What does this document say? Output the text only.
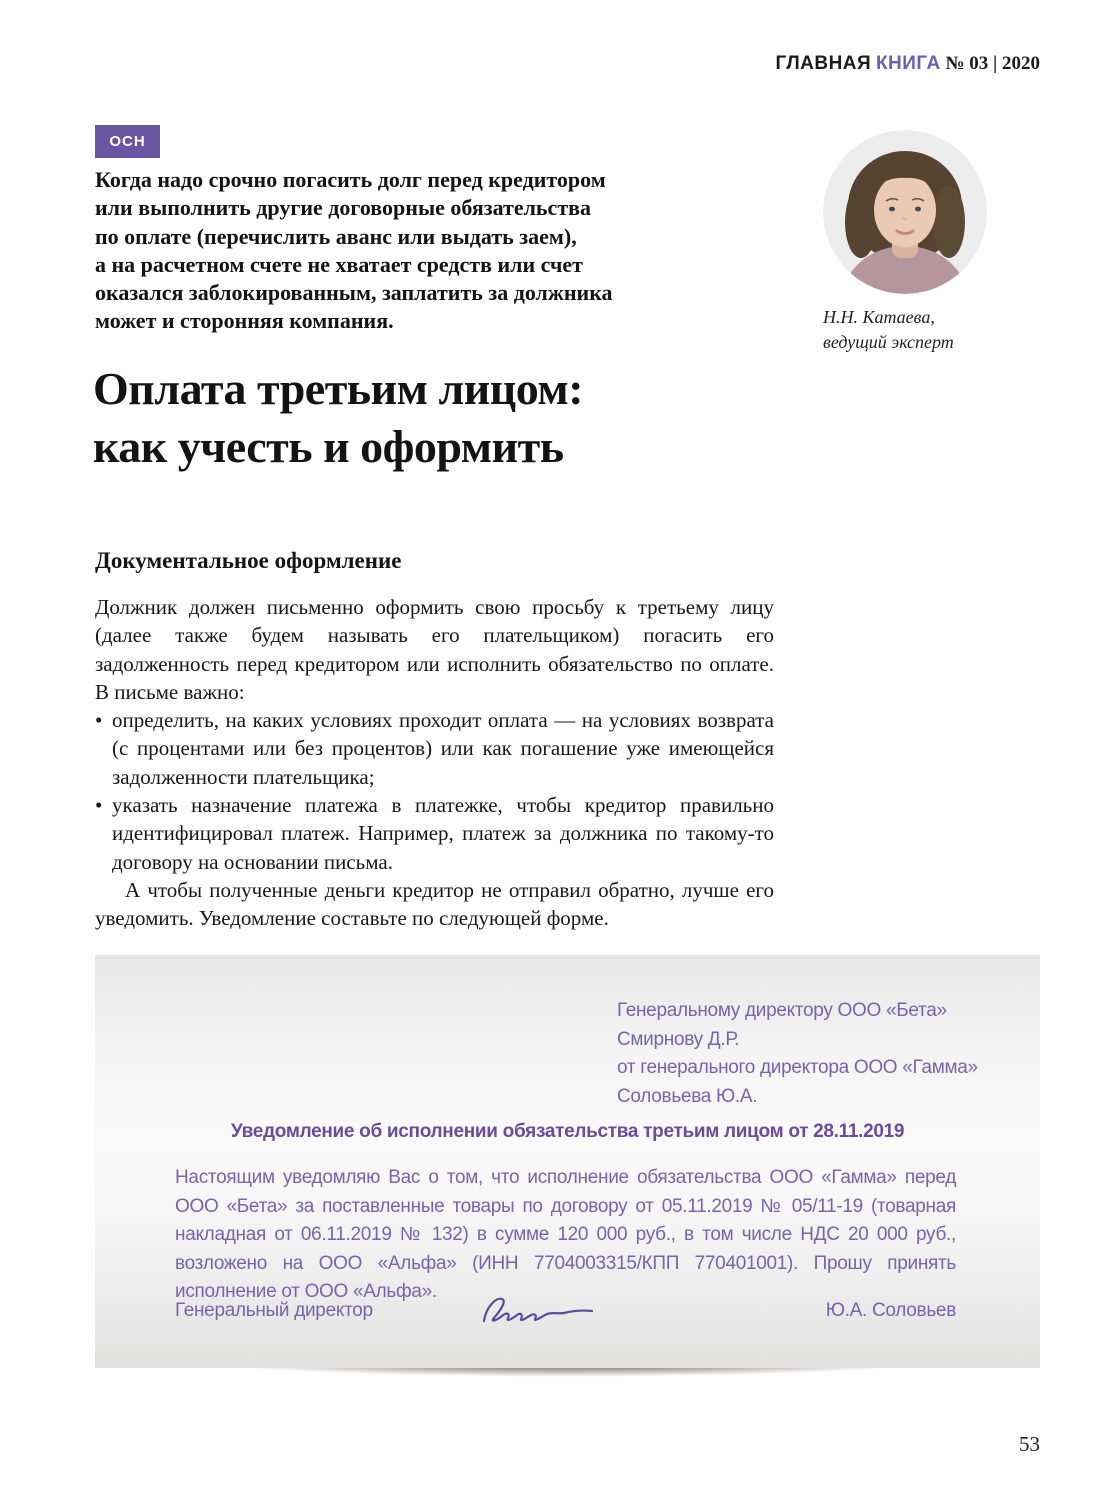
ГЛАВНАЯ КНИГА № 03 | 2020
ОСН
Когда надо срочно погасить долг перед кредитором
или выполнить другие договорные обязательства
по оплате (перечислить аванс или выдать заем),
а на расчетном счете не хватает средств или счет
оказался заблокированным, заплатить за должника
может и сторонняя компания.	Н.Н. Катаева,
ведущий эксперт
Оплата третьим лицом:
как учесть и оформить
Документальное оформление

Должник должен письменно оформить свою просьбу к третьему лицу (далее также будем называть его плательщиком) погасить его задолженность перед кредитором или исполнить обязательство по оплате. В письме важно:

• определить, на каких условиях проходит оплата — на условиях возврата (с процентами или без процентов) или как погашение уже имеющейся задолженности плательщика;
• указать назначение платежа в платежке, чтобы кредитор правильно идентифицировал платеж. Например, платеж за должника по такому-то договору на основании письма.

А чтобы полученные деньги кредитор не отправил обратно, лучше его уведомить. Уведомление составьте по следующей форме.

Генеральному директору ООО «Бета»
Смирнову Д.Р.
от генерального директора ООО «Гамма»
Соловьева Ю.А.
Уведомление об исполнении обязательства третьим лицом от 28.11.2019
Настоящим уведомляю Вас о том, что исполнение обязательства ООО «Гамма» перед ООО «Бета» за поставленные товары по договору от 05.11.2019 № 05/11-19 (товарная накладная от 06.11.2019 № 132) в сумме 120 000 руб., в том числе НДС 20 000 руб., возложено на ООО «Альфа» (ИНН 7704003315/КПП 770401001). Прошу принять исполнение от ООО «Альфа».
Генеральный директор	Ю.А. Соловьев
53
